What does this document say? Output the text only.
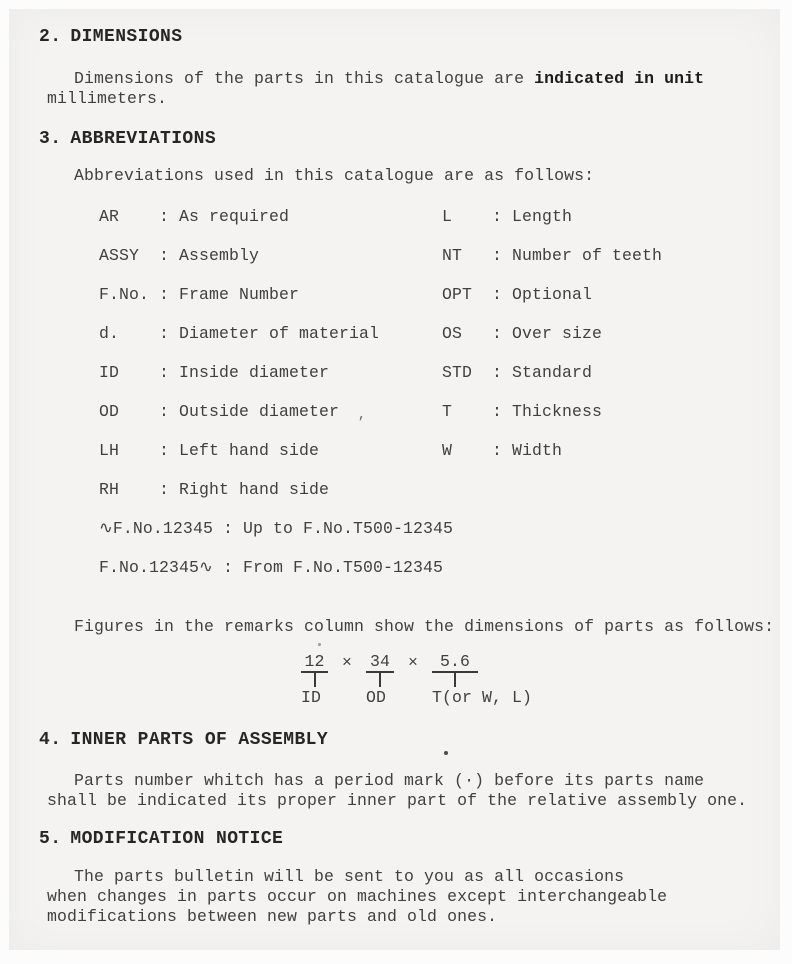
2. DIMENSIONS
Dimensions of the parts in this catalogue are indicated in unit
millimeters.
3. ABBREVIATIONS
Abbreviations used in this catalogue are as follows:
AR	: As required	L	: Length
ASSY	: Assembly	NT	: Number of teeth
F.No. : Frame Number	OPT	: Optional
d.	: Diameter of material	OS	: Over size
ID	: Inside diameter	STD	: Standard
OD	: Outside diameter	T	: Thickness
LH	: Left hand side	W	: Width
RH	: Right hand side
∿F.No.12345 : Up to F.No.T500-12345
F.No.12345∿ : From F.No.T500-12345
Figures in the remarks column show the dimensions of parts as follows:
$\frac{12}{ID} \times \frac{34}{OD} \times \frac{5.6}{\text{T(or W, L)}}$
4. INNER PARTS OF ASSEMBLY
Parts number whitch has a period mark (·) before its parts name
shall be indicated its proper inner part of the relative assembly one.
5. MODIFICATION NOTICE
The parts bulletin will be sent to you as all occasions
when changes in parts occur on machines except interchangeable
modifications between new parts and old ones.
,
